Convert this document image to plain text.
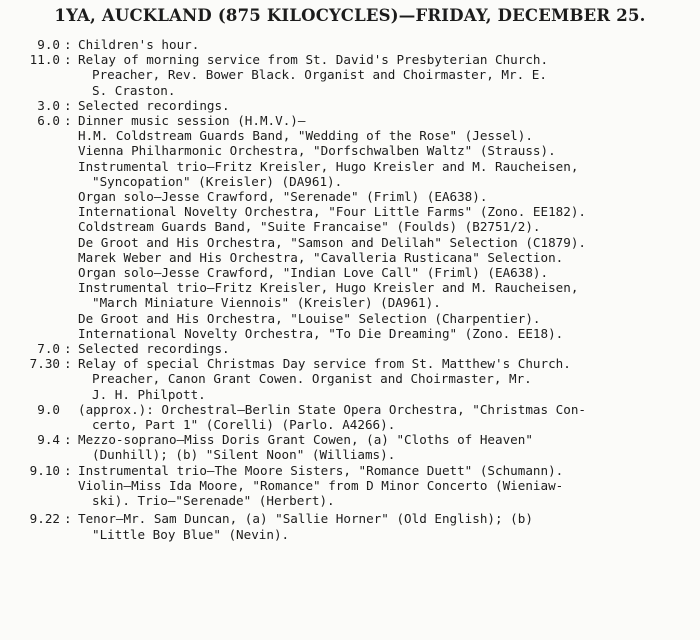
1YA, AUCKLAND (875 KILOCYCLES)—FRIDAY, DECEMBER 25.
9.0 : Children's hour.
11.0 : Relay of morning service from St. David's Presbyterian Church.
Preacher, Rev. Bower Black. Organist and Choirmaster, Mr. E.
S. Craston.
3.0 : Selected recordings.
6.0 : Dinner music session (H.M.V.)—
H.M. Coldstream Guards Band, "Wedding of the Rose" (Jessel).
Vienna Philharmonic Orchestra, "Dorfschwalben Waltz" (Strauss).
Instrumental trio—Fritz Kreisler, Hugo Kreisler and M. Raucheisen,
"Syncopation" (Kreisler) (DA961).
Organ solo—Jesse Crawford, "Serenade" (Friml) (EA638).
International Novelty Orchestra, "Four Little Farms" (Zono. EE182).
Coldstream Guards Band, "Suite Francaise" (Foulds) (B2751/2).
De Groot and His Orchestra, "Samson and Delilah" Selection (C1879).
Marek Weber and His Orchestra, "Cavalleria Rusticana" Selection.
Organ solo—Jesse Crawford, "Indian Love Call" (Friml) (EA638).
Instrumental trio—Fritz Kreisler, Hugo Kreisler and M. Raucheisen,
"March Miniature Viennois" (Kreisler) (DA961).
De Groot and His Orchestra, "Louise" Selection (Charpentier).
International Novelty Orchestra, "To Die Dreaming" (Zono. EE18).
7.0 : Selected recordings.
7.30 : Relay of special Christmas Day service from St. Matthew's Church.
Preacher, Canon Grant Cowen. Organist and Choirmaster, Mr.
J. H. Philpott.
9.0 (approx.): Orchestral—Berlin State Opera Orchestra, "Christmas Con-
certo, Part 1" (Corelli) (Parlo. A4266).
9.4 : Mezzo-soprano—Miss Doris Grant Cowen, (a) "Cloths of Heaven"
(Dunhill); (b) "Silent Noon" (Williams).
9.10 : Instrumental trio—The Moore Sisters, "Romance Duett" (Schumann).
Violin—Miss Ida Moore, "Romance" from D Minor Concerto (Wieniaw-
ski). Trio—"Serenade" (Herbert).
9.22 : Tenor—Mr. Sam Duncan, (a) "Sallie Horner" (Old English); (b)
"Little Boy Blue" (Nevin).
